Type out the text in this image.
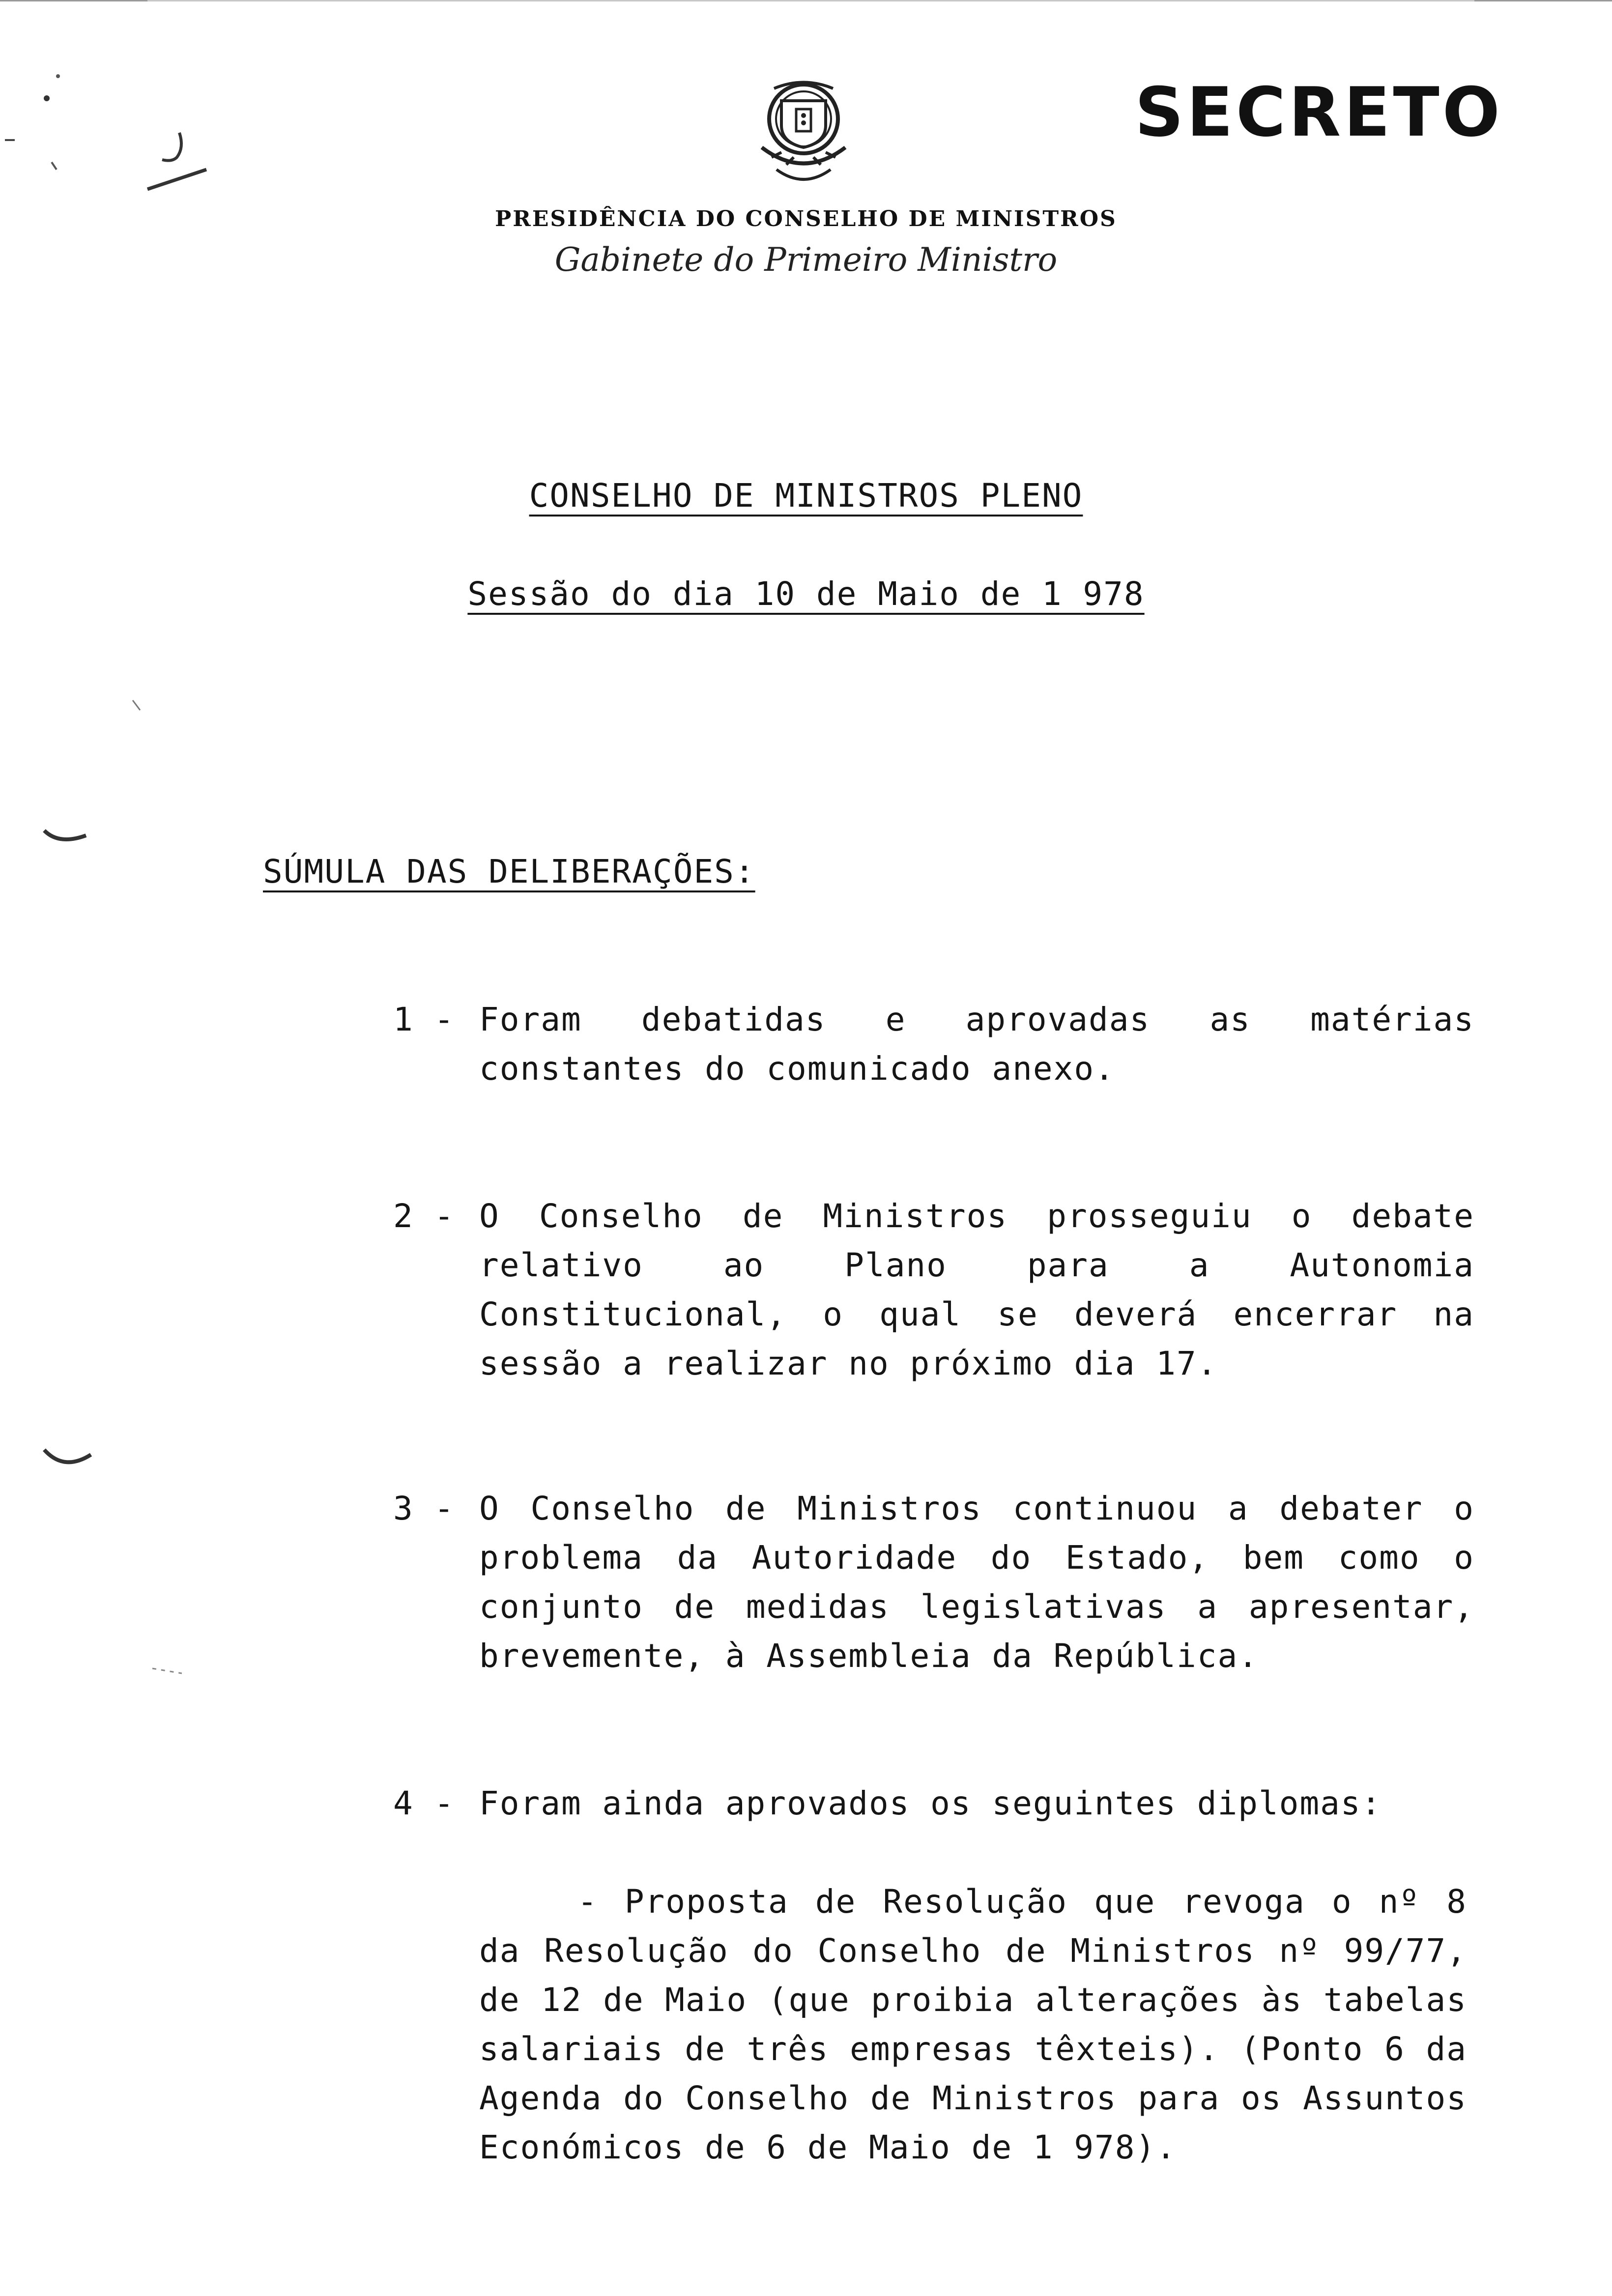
SECRETO
PRESIDÊNCIA DO CONSELHO DE MINISTROS
Gabinete do Primeiro Ministro
CONSELHO DE MINISTROS PLENO
Sessão do dia 10 de Maio de 1 978
SÚMULA DAS DELIBERAÇÕES:
1 - Foram debatidas e aprovadas as matérias constantes do comunicado anexo.
2 - O Conselho de Ministros prosseguiu o debate relativo ao Plano para a Autonomia Constitucional, o qual se deverá encerrar na sessão a realizar no próximo dia 17.
3 - O Conselho de Ministros continuou a debater o problema da Autoridade do Estado, bem como o conjunto de medidas legislativas a apresentar, brevemente, à Assembleia da República.
4 - Foram ainda aprovados os seguintes diplomas:
- Proposta de Resolução que revoga o nº 8 da Resolução do Conselho de Ministros nº 99/77, de 12 de Maio (que proibia alterações às tabelas salariais de três empresas têxteis). (Ponto 6 da Agenda do Conselho de Ministros para os Assuntos Económicos de 6 de Maio de 1 978).
